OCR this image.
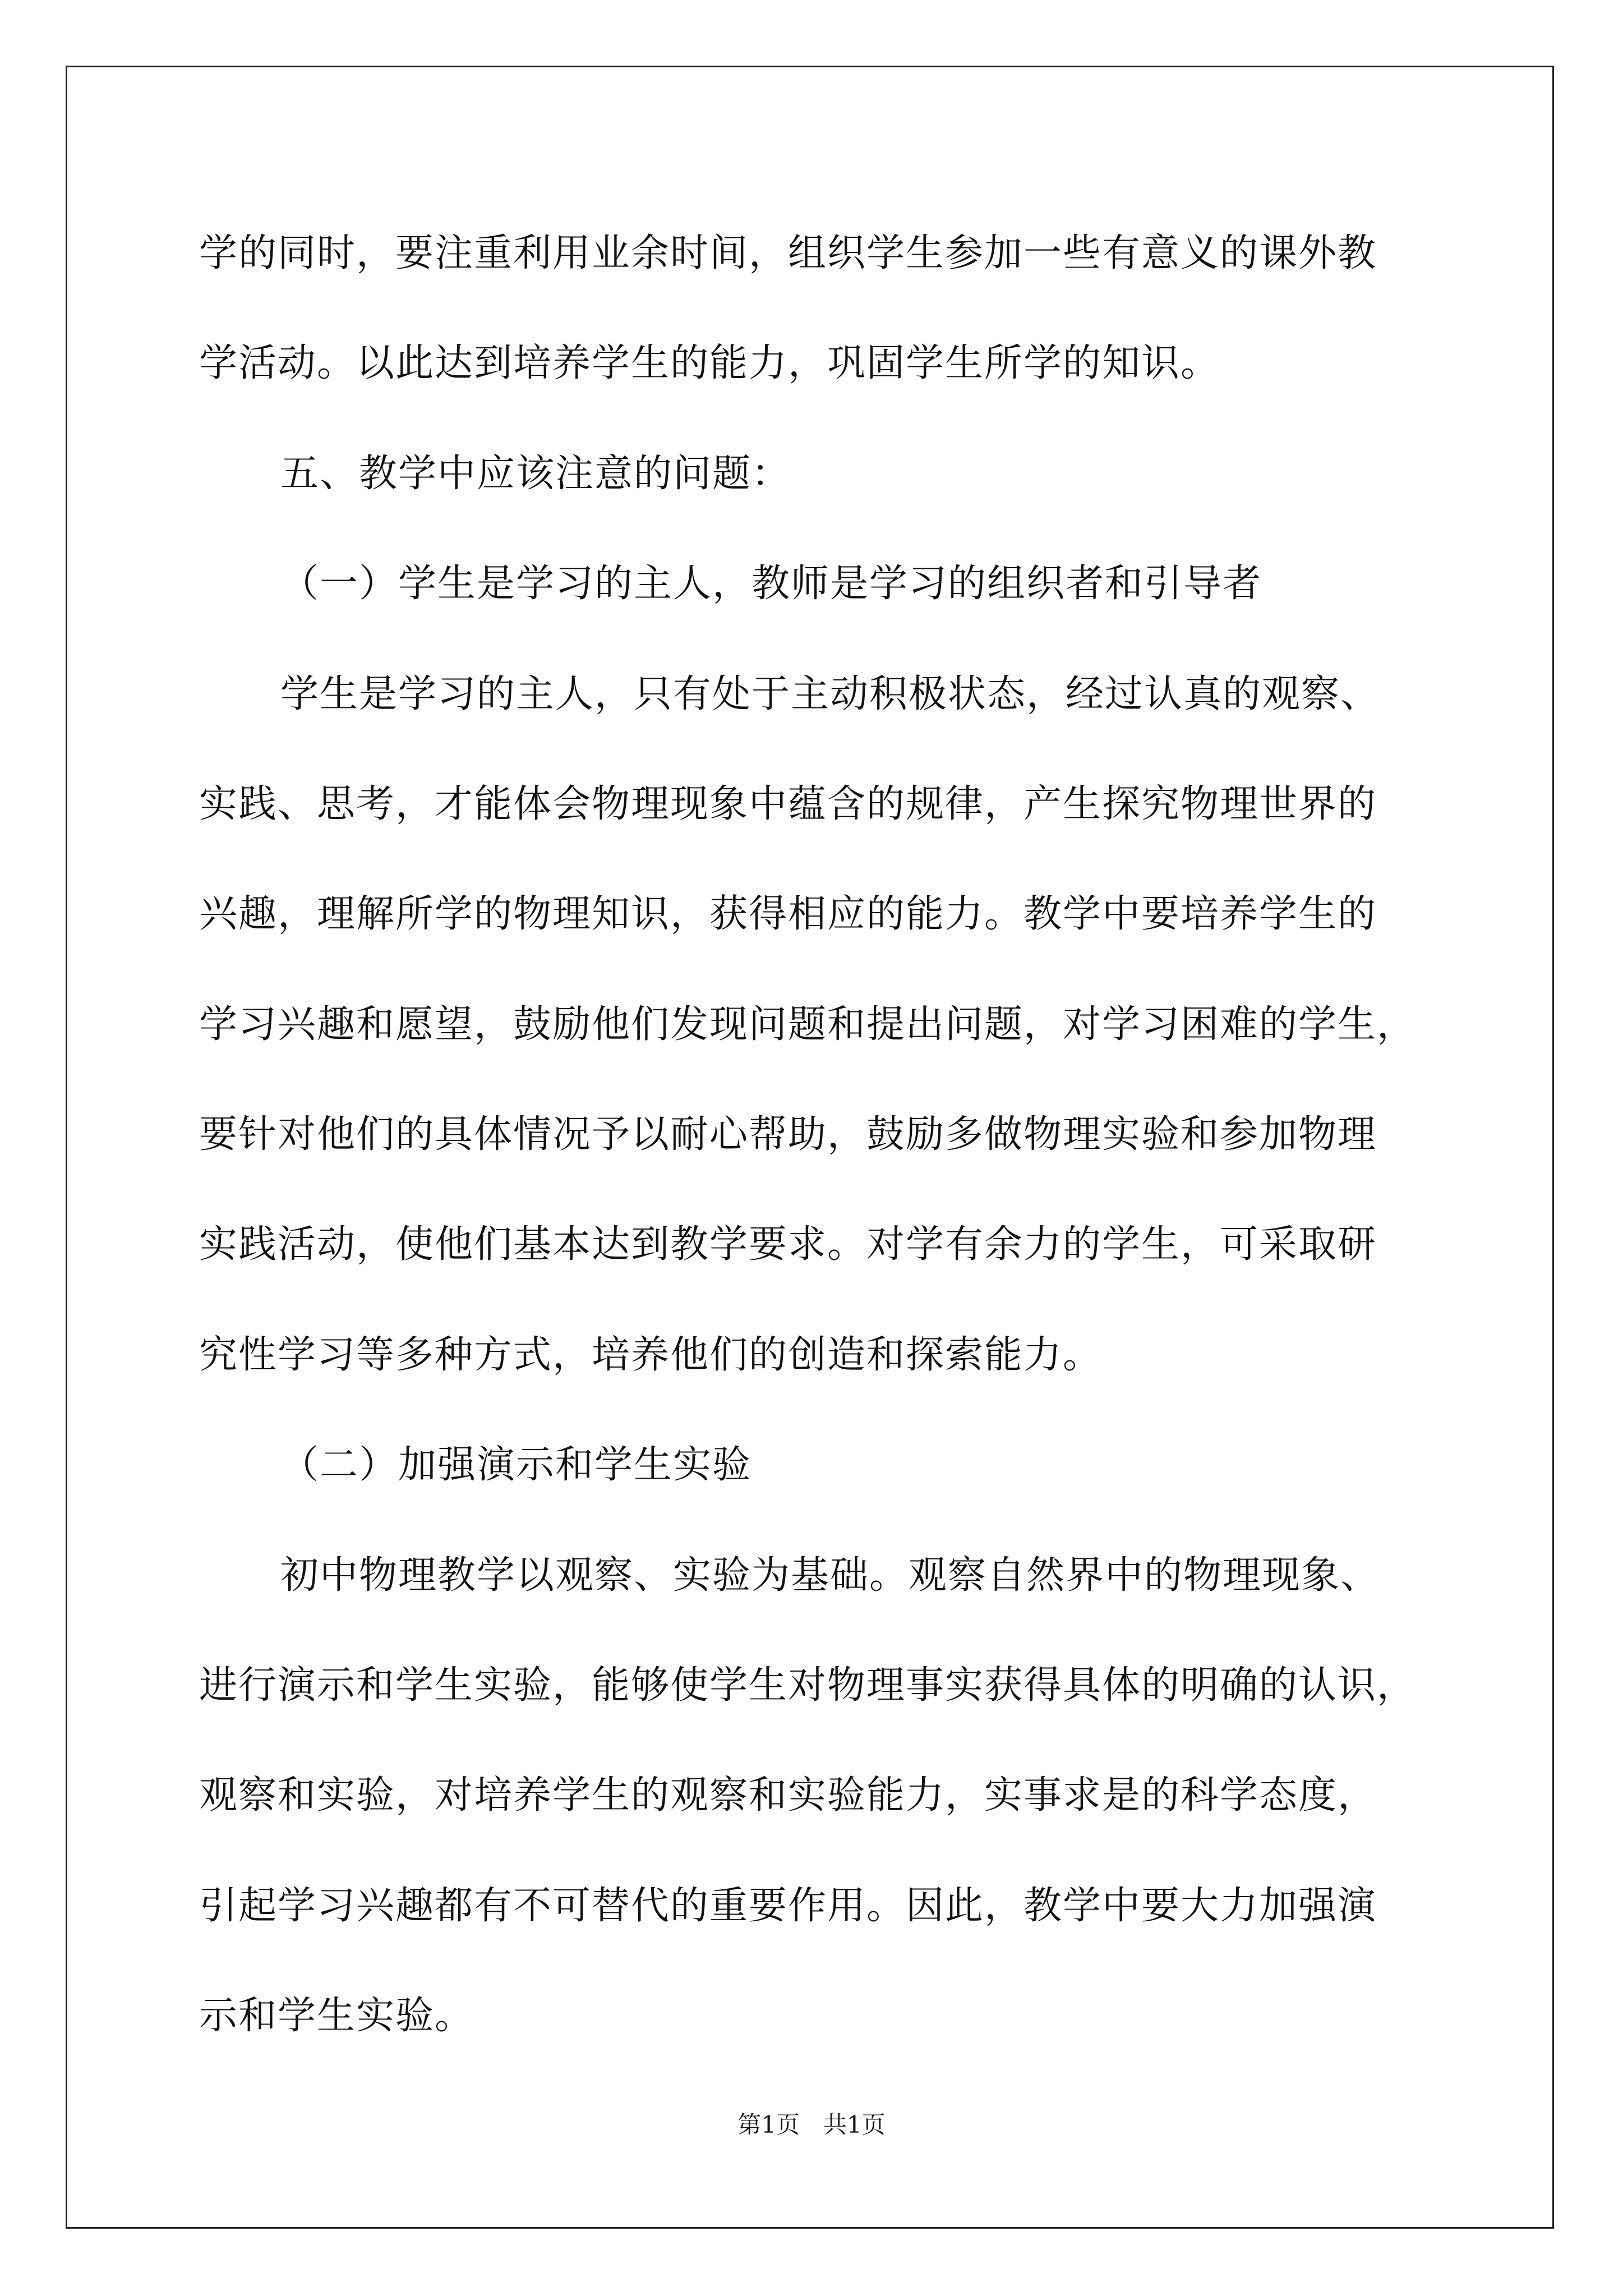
学的同时，要注重利用业余时间，组织学生参加一些有意义的课外教
学活动。以此达到培养学生的能力，巩固学生所学的知识。
五、教学中应该注意的问题：
（一）学生是学习的主人，教师是学习的组织者和引导者
学生是学习的主人，只有处于主动积极状态，经过认真的观察、
实践、思考，才能体会物理现象中蕴含的规律，产生探究物理世界的
兴趣，理解所学的物理知识，获得相应的能力。教学中要培养学生的
学习兴趣和愿望，鼓励他们发现问题和提出问题，对学习困难的学生，
要针对他们的具体情况予以耐心帮助，鼓励多做物理实验和参加物理
实践活动，使他们基本达到教学要求。对学有余力的学生，可采取研
究性学习等多种方式，培养他们的创造和探索能力。
（二）加强演示和学生实验
初中物理教学以观察、实验为基础。观察自然界中的物理现象、
进行演示和学生实验，能够使学生对物理事实获得具体的明确的认识，
观察和实验，对培养学生的观察和实验能力，实事求是的科学态度，
引起学习兴趣都有不可替代的重要作用。因此，教学中要大力加强演
示和学生实验。
第1页　共1页
